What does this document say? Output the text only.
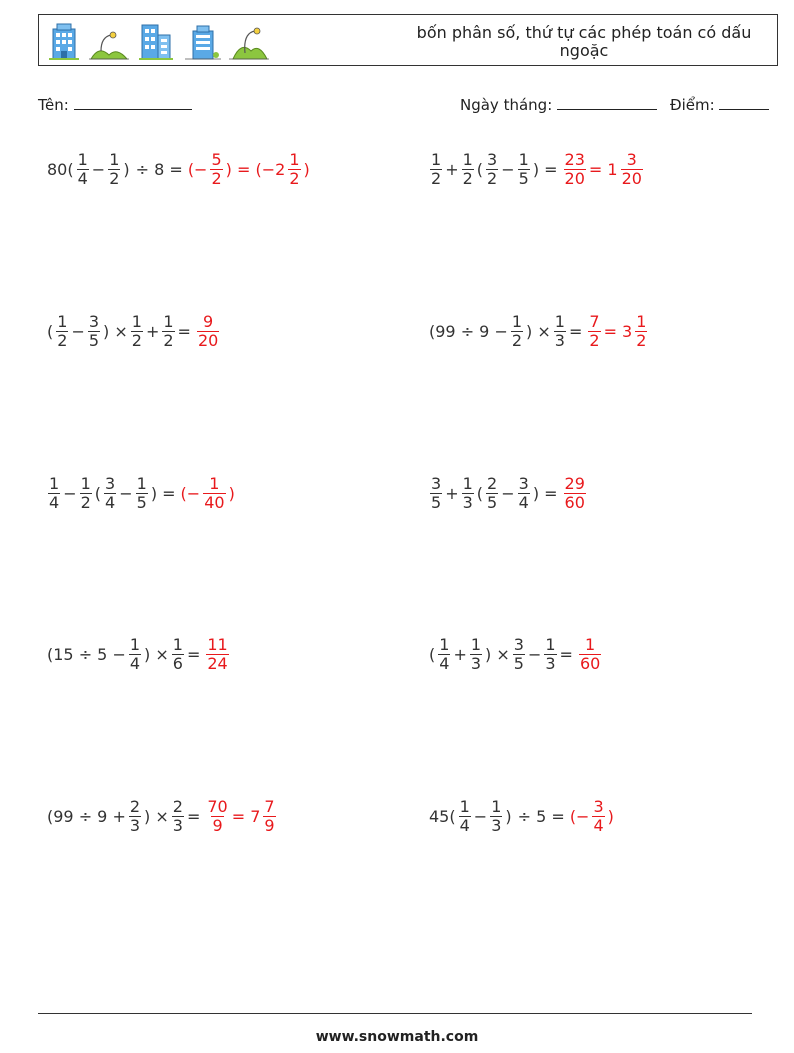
bốn phân số, thứ tự các phép toán có dấu ngoặc
Tên:	Ngày tháng:	Điểm:
$80( \frac{1}{4} - \frac{1}{2}$ ) ÷ 8 = (− $\frac{5}{2}$ ) = ($-2 \frac{1}{2}$ )	$\frac{1}{2} + \frac{1}{2}$ ( $\frac{3}{2} - \frac{1}{5}$ ) = $\frac{23}{20} = 1 \frac{3}{20}$
( $\frac{1}{2} - \frac{3}{5}$ ) × $\frac{1}{2} + \frac{1}{2} = \frac{9}{20}$	($99 \div 9 - \frac{1}{2}$ ) × $\frac{1}{3} = \frac{7}{2} = 3 \frac{1}{2}$
$\frac{1}{4} - \frac{1}{2}$ ( $\frac{3}{4} - \frac{1}{5}$ ) = (− $\frac{1}{40}$ )	$\frac{3}{5} + \frac{1}{3}$ ( $\frac{2}{5} - \frac{3}{4}$ ) = $\frac{29}{60}$
($15 \div 5 - \frac{1}{4}$ ) × $\frac{1}{6} = \frac{11}{24}$	( $\frac{1}{4} + \frac{1}{3}$ ) × $\frac{3}{5} - \frac{1}{3} = \frac{1}{60}$
($99 \div 9 + \frac{2}{3}$ ) × $\frac{2}{3} = \frac{70}{9} = 7 \frac{7}{9}$	$45( \frac{1}{4} - \frac{1}{3}$ ) ÷ 5 = (− $\frac{3}{4}$ )
www.snowmath.com
